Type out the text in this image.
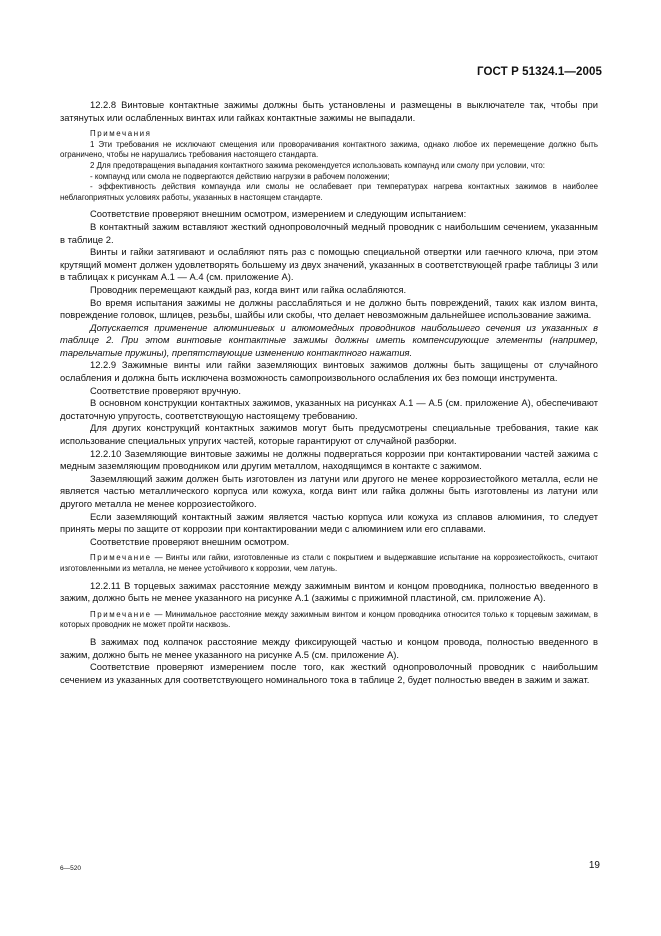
ГОСТ Р 51324.1—2005

12.2.8 Винтовые контактные зажимы должны быть установлены и размещены в выключателе так, чтобы при затянутых или ослабленных винтах или гайках контактные зажимы не выпадали.

Примечания

1 Эти требования не исключают смещения или проворачивания контактного зажима, однако любое их перемещение должно быть ограничено, чтобы не нарушались требования настоящего стандарта.

2 Для предотвращения выпадания контактного зажима рекомендуется использовать компаунд или смолу при условии, что:

- компаунд или смола не подвергаются действию нагрузки в рабочем положении;

- эффективность действия компаунда или смолы не ослабевает при температурах нагрева контактных зажимов в наиболее неблагоприятных условиях работы, указанных в настоящем стандарте.

Соответствие проверяют внешним осмотром, измерением и следующим испытанием:

В контактный зажим вставляют жесткий однопроволочный медный проводник с наибольшим сечением, указанным в таблице 2.

Винты и гайки затягивают и ослабляют пять раз с помощью специальной отвертки или гаечного ключа, при этом крутящий момент должен удовлетворять большему из двух значений, указанных в соответствующей графе таблицы 3 или в таблицах к рисункам А.1 — А.4 (см. приложение А).

Проводник перемещают каждый раз, когда винт или гайка ослабляются.

Во время испытания зажимы не должны расслабляться и не должно быть повреждений, таких как излом винта, повреждение головок, шлицев, резьбы, шайбы или скобы, что делает невозможным дальнейшее использование зажима.

Допускается применение алюминиевых и алюмомедных проводников наибольшего сечения из указанных в таблице 2. При этом винтовые контактные зажимы должны иметь компенсирующие элементы (например, тарельчатые пружины), препятствующие изменению контактного нажатия.

12.2.9 Зажимные винты или гайки заземляющих винтовых зажимов должны быть защищены от случайного ослабления и должна быть исключена возможность самопроизвольного ослабления их без помощи инструмента.

Соответствие проверяют вручную.

В основном конструкции контактных зажимов, указанных на рисунках А.1 — А.5 (см. приложение А), обеспечивают достаточную упругость, соответствующую настоящему требованию.

Для других конструкций контактных зажимов могут быть предусмотрены специальные требования, такие как использование специальных упругих частей, которые гарантируют от случайной разборки.

12.2.10 Заземляющие винтовые зажимы не должны подвергаться коррозии при контактировании частей зажима с медным заземляющим проводником или другим металлом, находящимся в контакте с зажимом.

Заземляющий зажим должен быть изготовлен из латуни или другого не менее коррозиестойкого металла, если не является частью металлического корпуса или кожуха, когда винт или гайка должны быть изготовлены из латуни или другого металла не менее коррозиестойкого.

Если заземляющий контактный зажим является частью корпуса или кожуха из сплавов алюминия, то следует принять меры по защите от коррозии при контактировании меди с алюминием или его сплавами.

Соответствие проверяют внешним осмотром.

Примечание — Винты или гайки, изготовленные из стали с покрытием и выдержавшие испытание на коррозиестойкость, считают изготовленными из металла, не менее устойчивого к коррозии, чем латунь.

12.2.11 В торцевых зажимах расстояние между зажимным винтом и концом проводника, полностью введенного в зажим, должно быть не менее указанного на рисунке А.1 (зажимы с прижимной пластиной, см. приложение А).

Примечание — Минимальное расстояние между зажимным винтом и концом проводника относится только к торцевым зажимам, в которых проводник не может пройти насквозь.

В зажимах под колпачок расстояние между фиксирующей частью и концом провода, полностью введенного в зажим, должно быть не менее указанного на рисунке А.5 (см. приложение А).

Соответствие проверяют измерением после того, как жесткий однопроволочный проводник с наибольшим сечением из указанных для соответствующего номинального тока в таблице 2, будет полностью введен в зажим и зажат.

6—520	19
